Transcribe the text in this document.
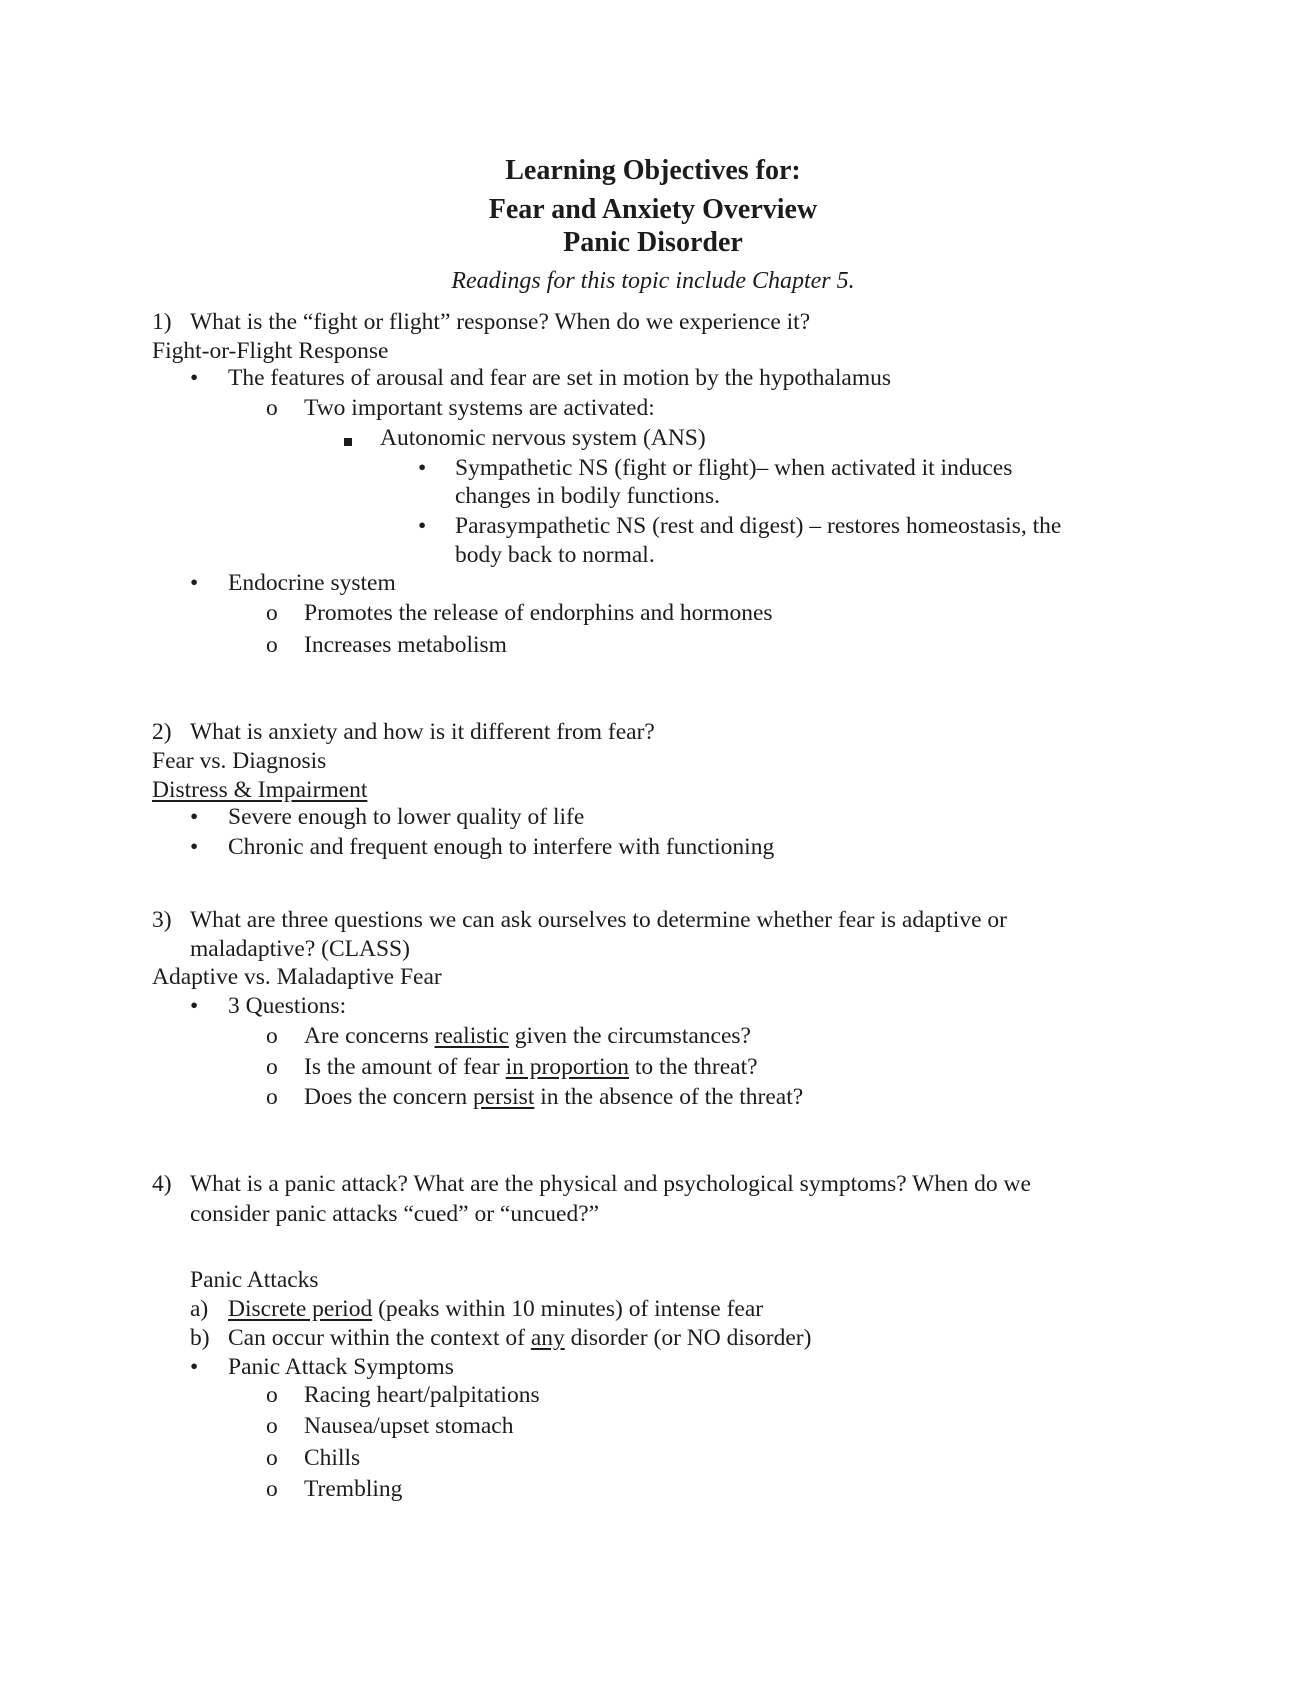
Learning Objectives for:
Fear and Anxiety Overview
Panic Disorder
Readings for this topic include Chapter 5.
1) What is the “fight or flight” response? When do we experience it?
Fight-or-Flight Response
• The features of arousal and fear are set in motion by the hypothalamus
o Two important systems are activated:
Autonomic nervous system (ANS)
• Sympathetic NS (fight or flight)– when activated it induces
changes in bodily functions.
• Parasympathetic NS (rest and digest) – restores homeostasis, the
body back to normal.
• Endocrine system
o Promotes the release of endorphins and hormones
o Increases metabolism
2) What is anxiety and how is it different from fear?
Fear vs. Diagnosis
Distress & Impairment
• Severe enough to lower quality of life
• Chronic and frequent enough to interfere with functioning
3) What are three questions we can ask ourselves to determine whether fear is adaptive or
maladaptive? (CLASS)
Adaptive vs. Maladaptive Fear
• 3 Questions:
o Are concerns realistic given the circumstances?
o Is the amount of fear in proportion to the threat?
o Does the concern persist in the absence of the threat?
4) What is a panic attack? What are the physical and psychological symptoms? When do we
consider panic attacks “cued” or “uncued?”
Panic Attacks
a) Discrete period (peaks within 10 minutes) of intense fear
b) Can occur within the context of any disorder (or NO disorder)
• Panic Attack Symptoms
o Racing heart/palpitations
o Nausea/upset stomach
o Chills
o Trembling
